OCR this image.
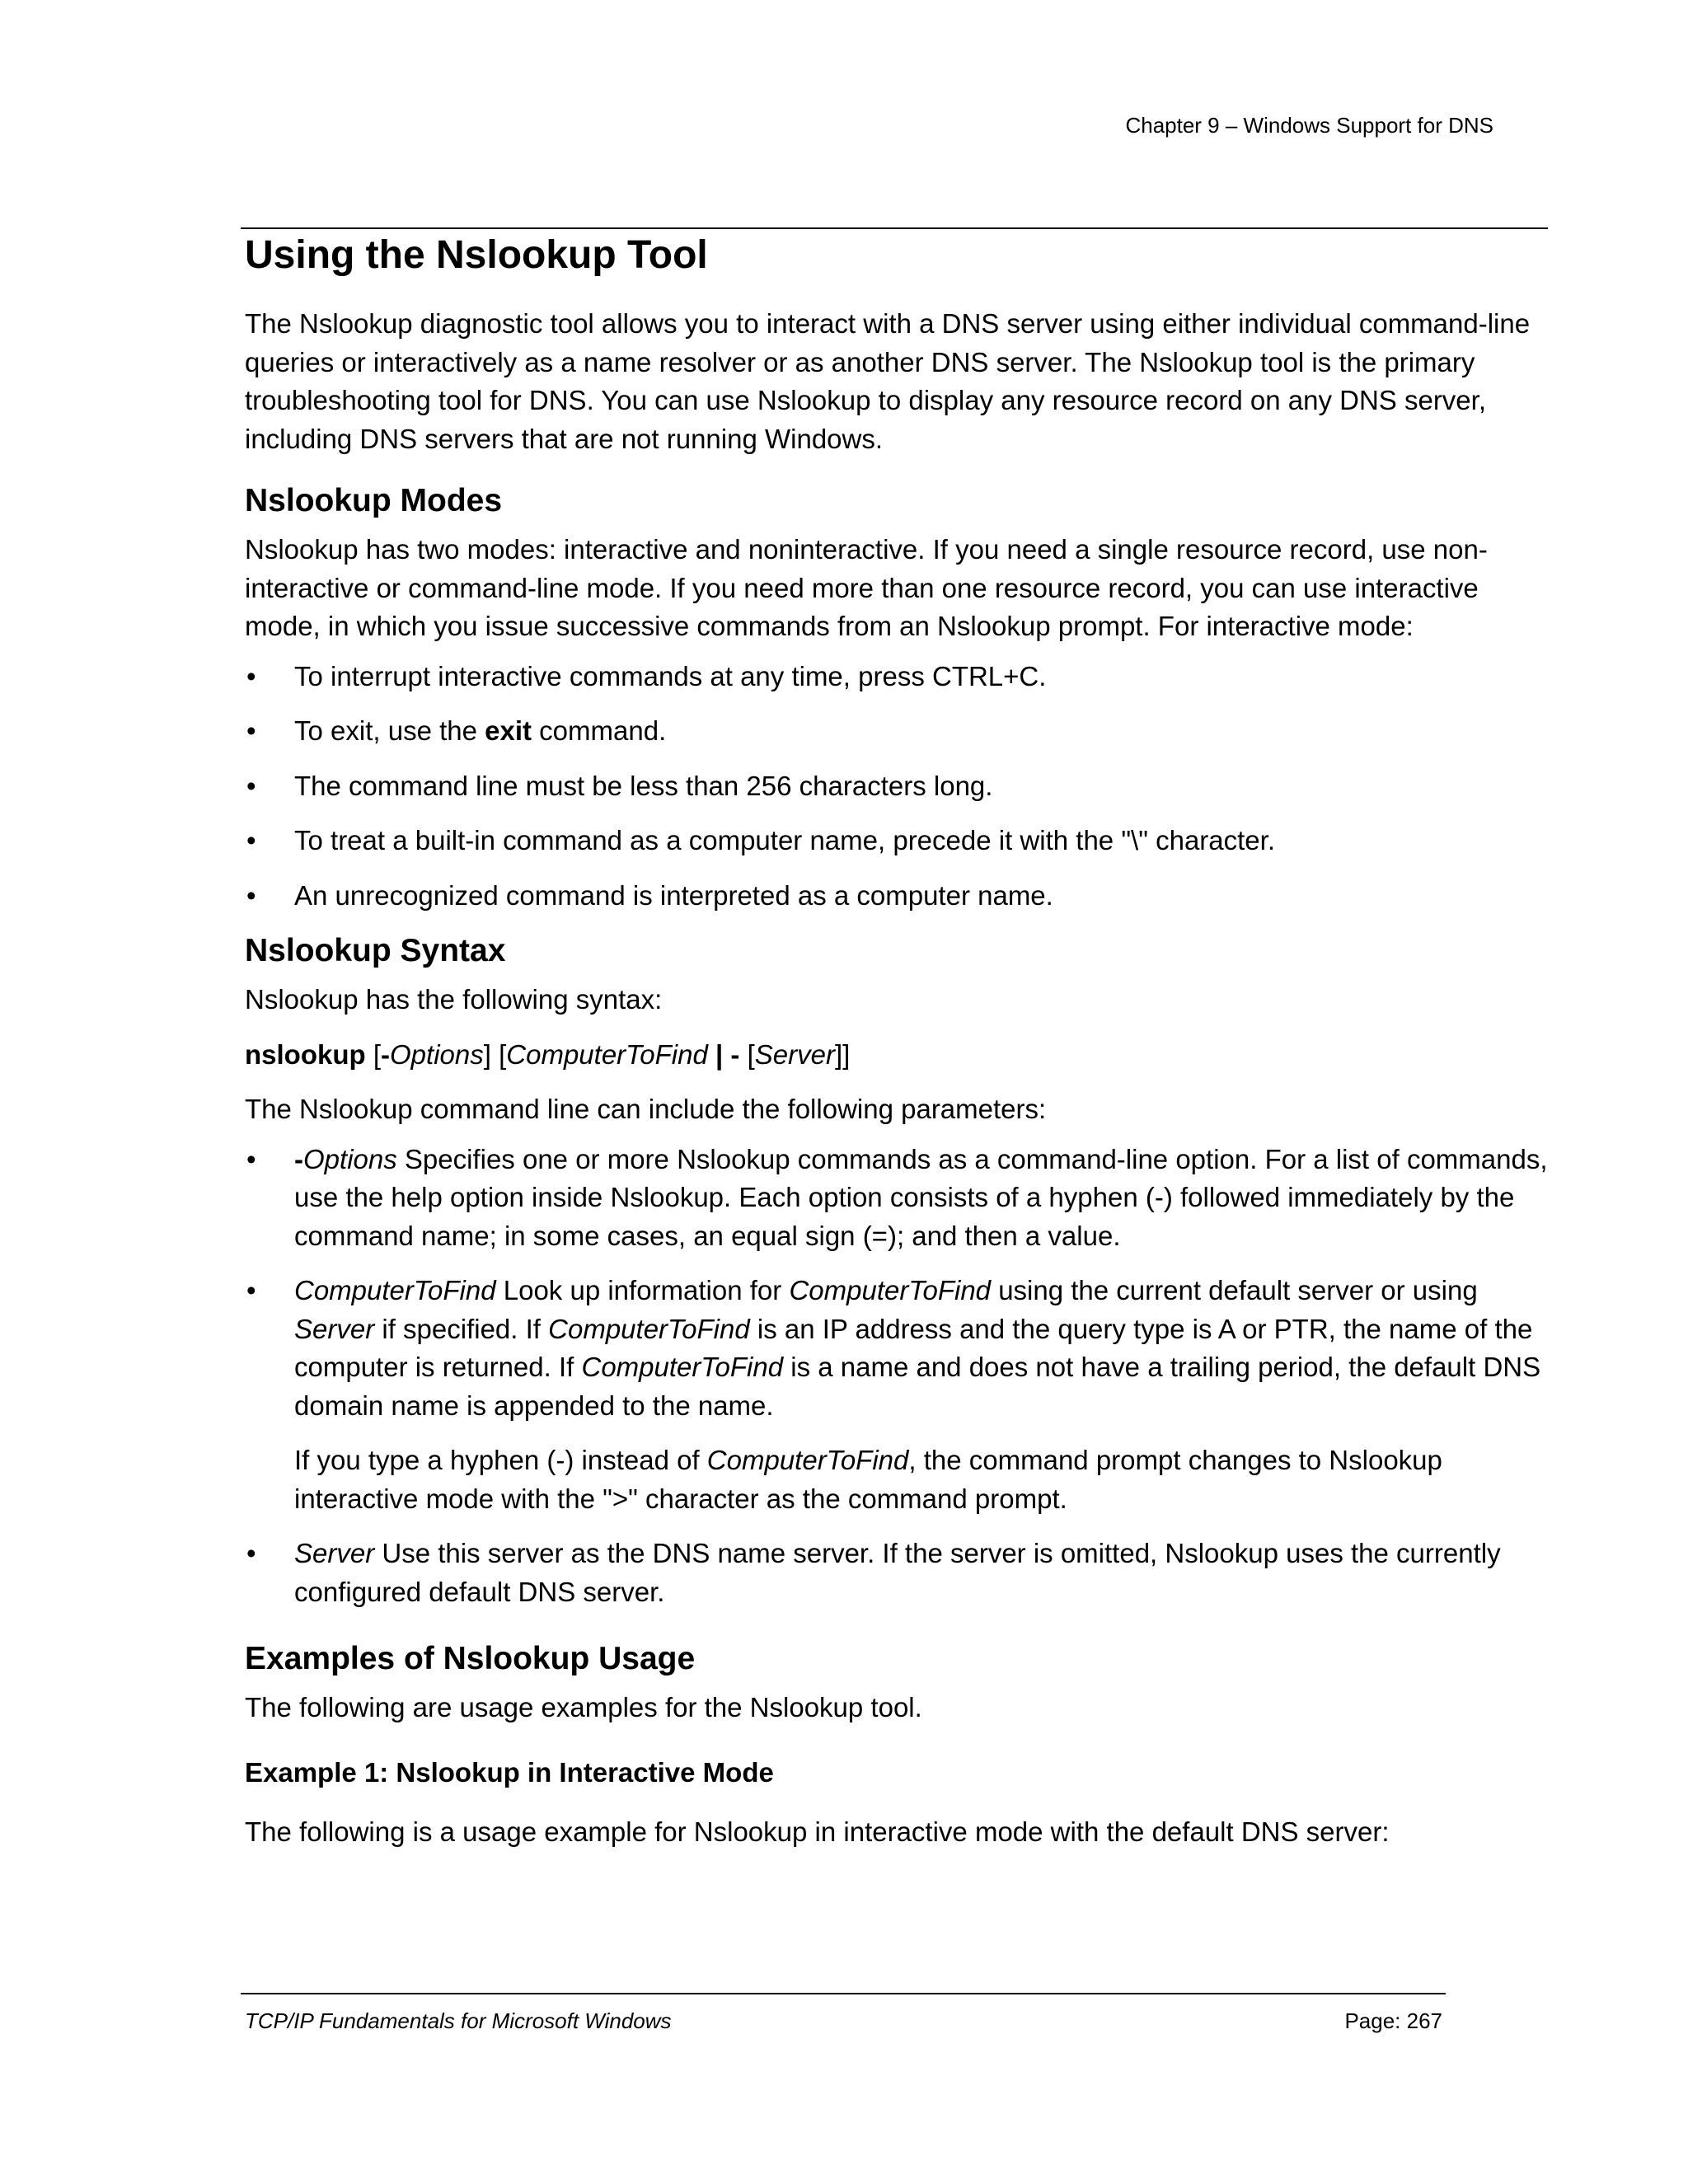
Chapter 9 – Windows Support for DNS
Using the Nslookup Tool

The Nslookup diagnostic tool allows you to interact with a DNS server using either individual command-line queries or interactively as a name resolver or as another DNS server. The Nslookup tool is the primary troubleshooting tool for DNS. You can use Nslookup to display any resource record on any DNS server, including DNS servers that are not running Windows.

Nslookup Modes

Nslookup has two modes: interactive and noninteractive. If you need a single resource record, use non-interactive or command-line mode. If you need more than one resource record, you can use interactive mode, in which you issue successive commands from an Nslookup prompt. For interactive mode:

• To interrupt interactive commands at any time, press CTRL+C.
• To exit, use the exit command.
• The command line must be less than 256 characters long.
• To treat a built-in command as a computer name, precede it with the "\" character.
• An unrecognized command is interpreted as a computer name.
Nslookup Syntax

Nslookup has the following syntax:

nslookup [-Options] [ComputerToFind | - [Server]]

The Nslookup command line can include the following parameters:

• -Options Specifies one or more Nslookup commands as a command-line option. For a list of commands, use the help option inside Nslookup. Each option consists of a hyphen (-) followed immediately by the command name; in some cases, an equal sign (=); and then a value.
• ComputerToFind Look up information for ComputerToFind using the current default server or using Server if specified. If ComputerToFind is an IP address and the query type is A or PTR, the name of the computer is returned. If ComputerToFind is a name and does not have a trailing period, the default DNS domain name is appended to the name.

If you type a hyphen (-) instead of ComputerToFind, the command prompt changes to Nslookup interactive mode with the ">" character as the command prompt.

• Server Use this server as the DNS name server. If the server is omitted, Nslookup uses the currently configured default DNS server.
Examples of Nslookup Usage

The following are usage examples for the Nslookup tool.

Example 1: Nslookup in Interactive Mode

The following is a usage example for Nslookup in interactive mode with the default DNS server:

TCP/IP Fundamentals for Microsoft Windows	Page: 267
